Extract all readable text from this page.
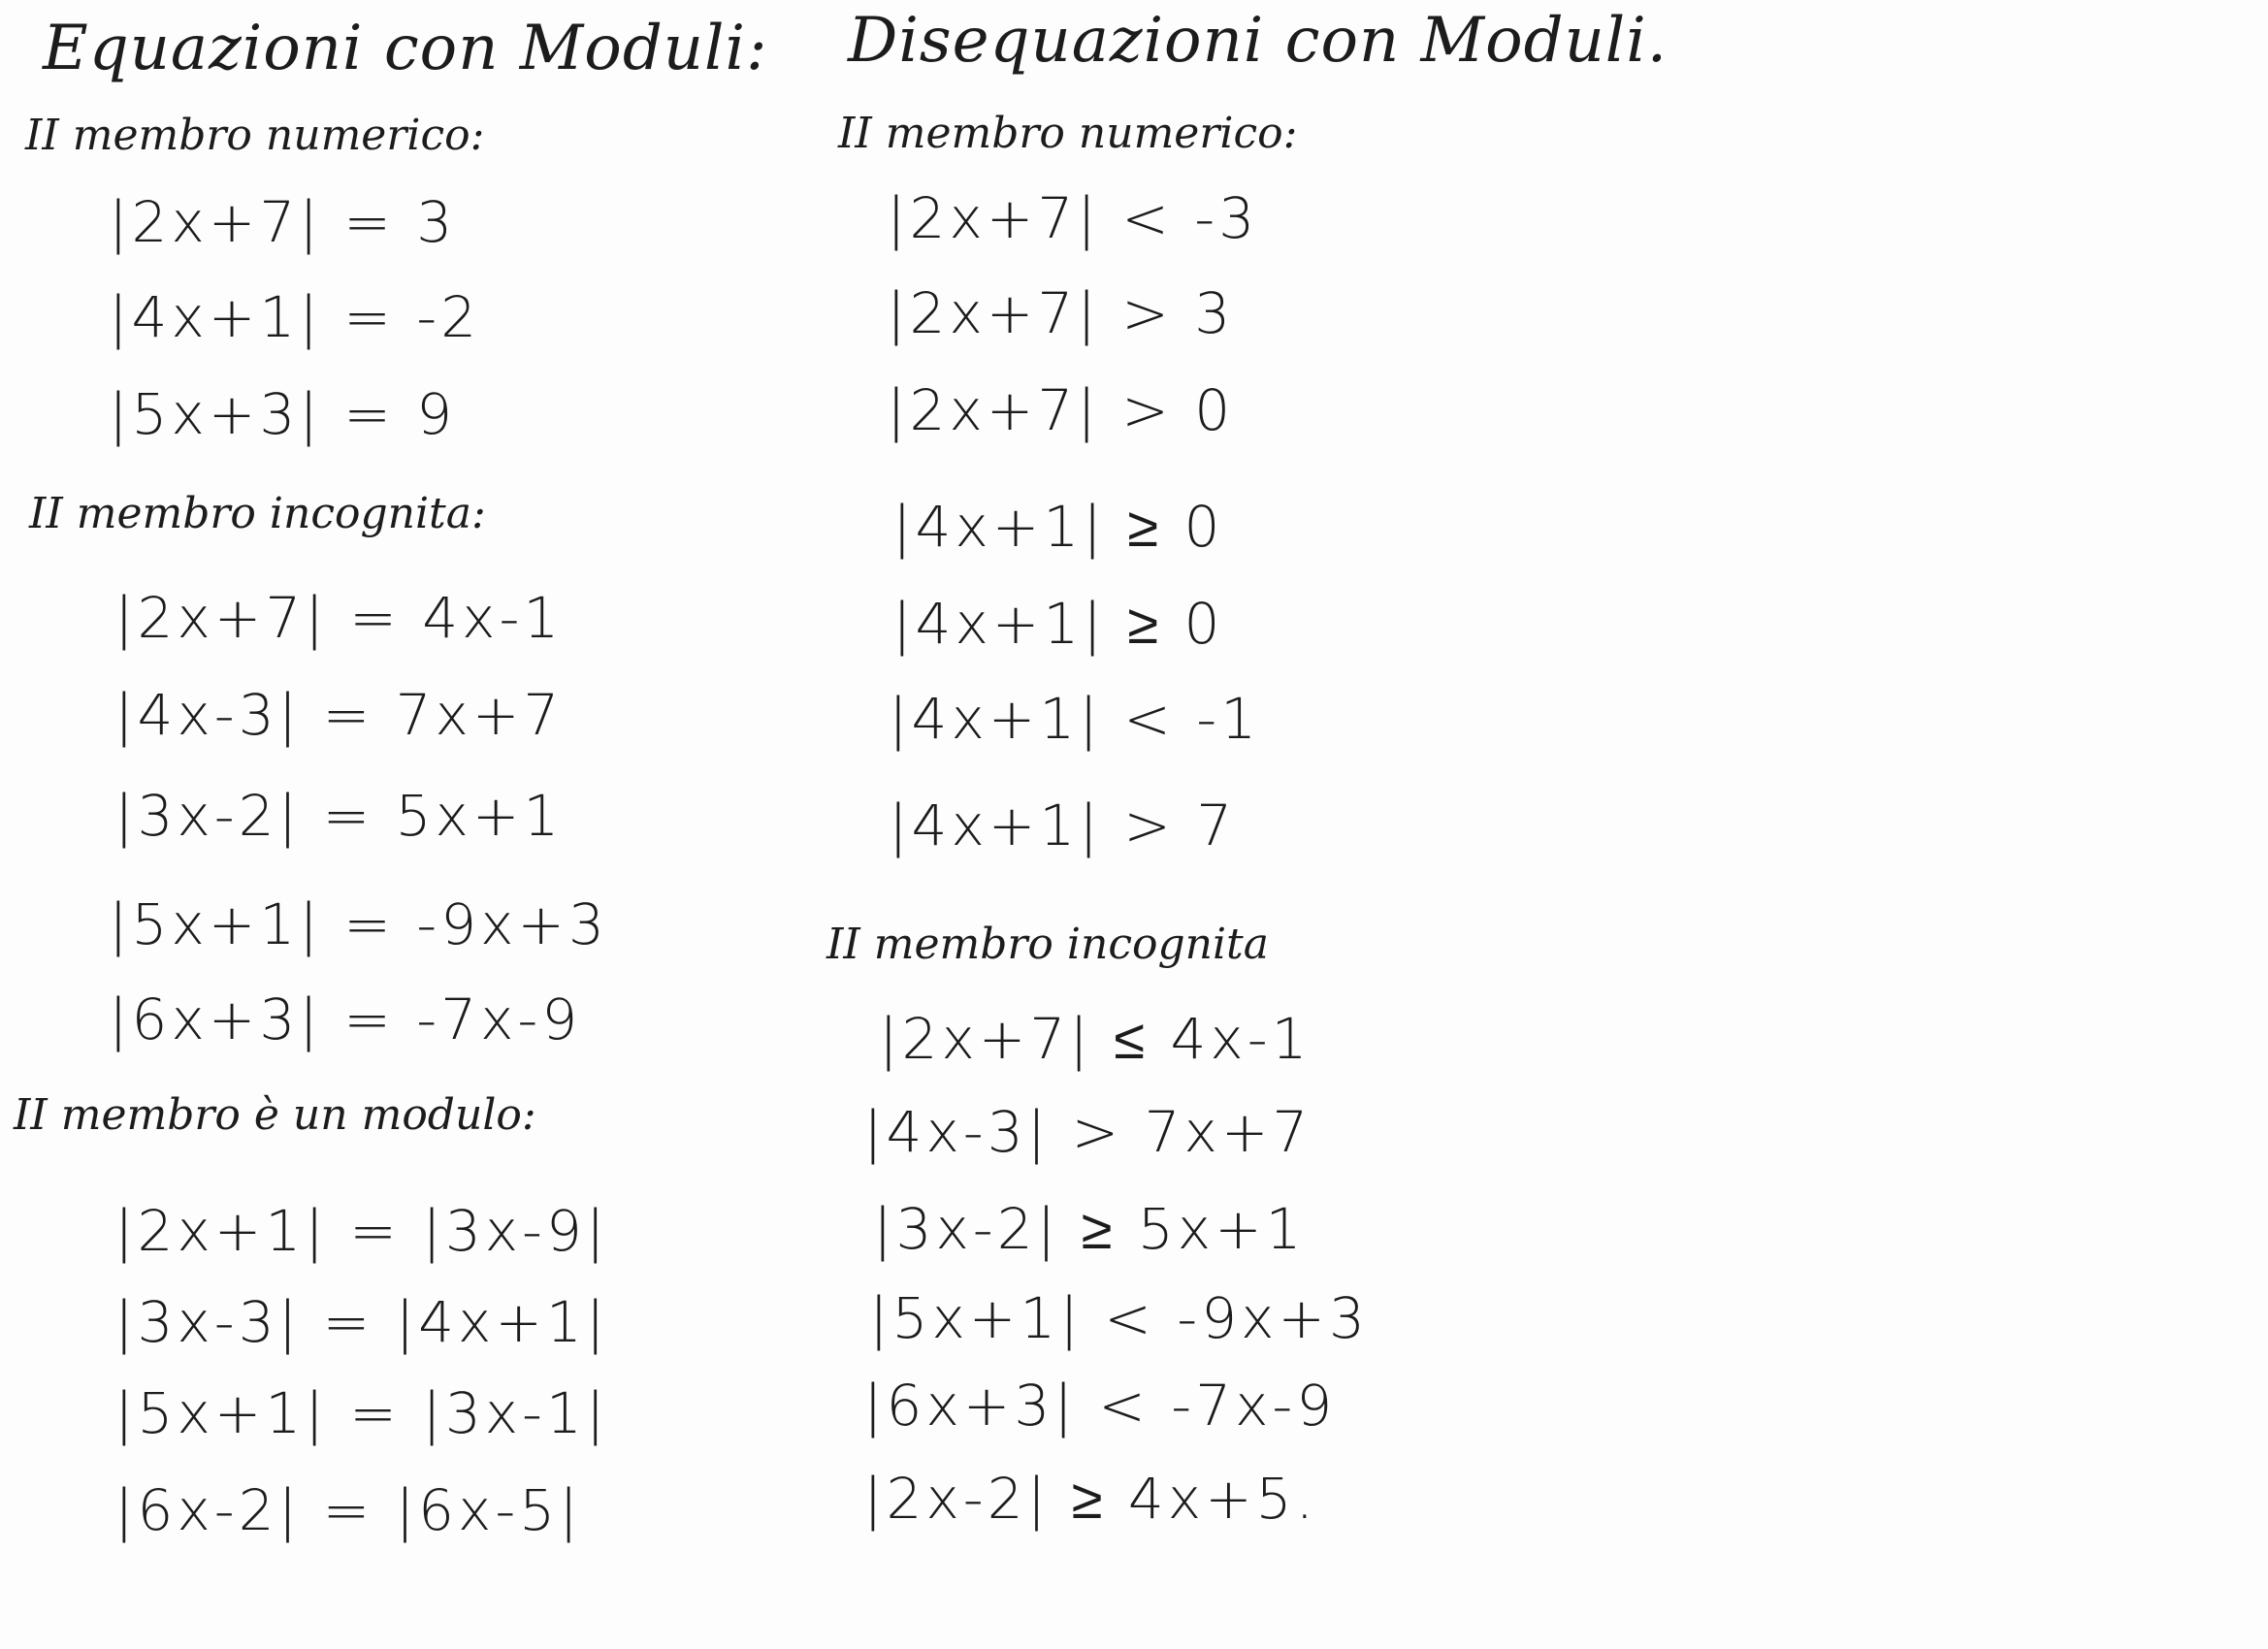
Equazioni con Moduli:
II membro numerico:
|2x+7| = 3
|4x+1| = -2
|5x+3| = 9
II membro incognita:
|2x+7| = 4x-1
|4x-3| = 7x+7
|3x-2| = 5x+1
|5x+1| = -9x+3
|6x+3| = -7x-9
II membro è un modulo:
|2x+1| = |3x-9|
|3x-3| = |4x+1|
|5x+1| = |3x-1|
|6x-2| = |6x-5|
Disequazioni con Moduli.
II membro numerico:
|2x+7| < -3
|2x+7| > 3
|2x+7| > 0
|4x+1| ≥ 0
|4x+1| ≥ 0
|4x+1| < -1
|4x+1| > 7
II membro incognita
|2x+7| ≤ 4x-1
|4x-3| > 7x+7
|3x-2| ≥ 5x+1
|5x+1| < -9x+3
|6x+3| < -7x-9
|2x-2| ≥ 4x+5.
